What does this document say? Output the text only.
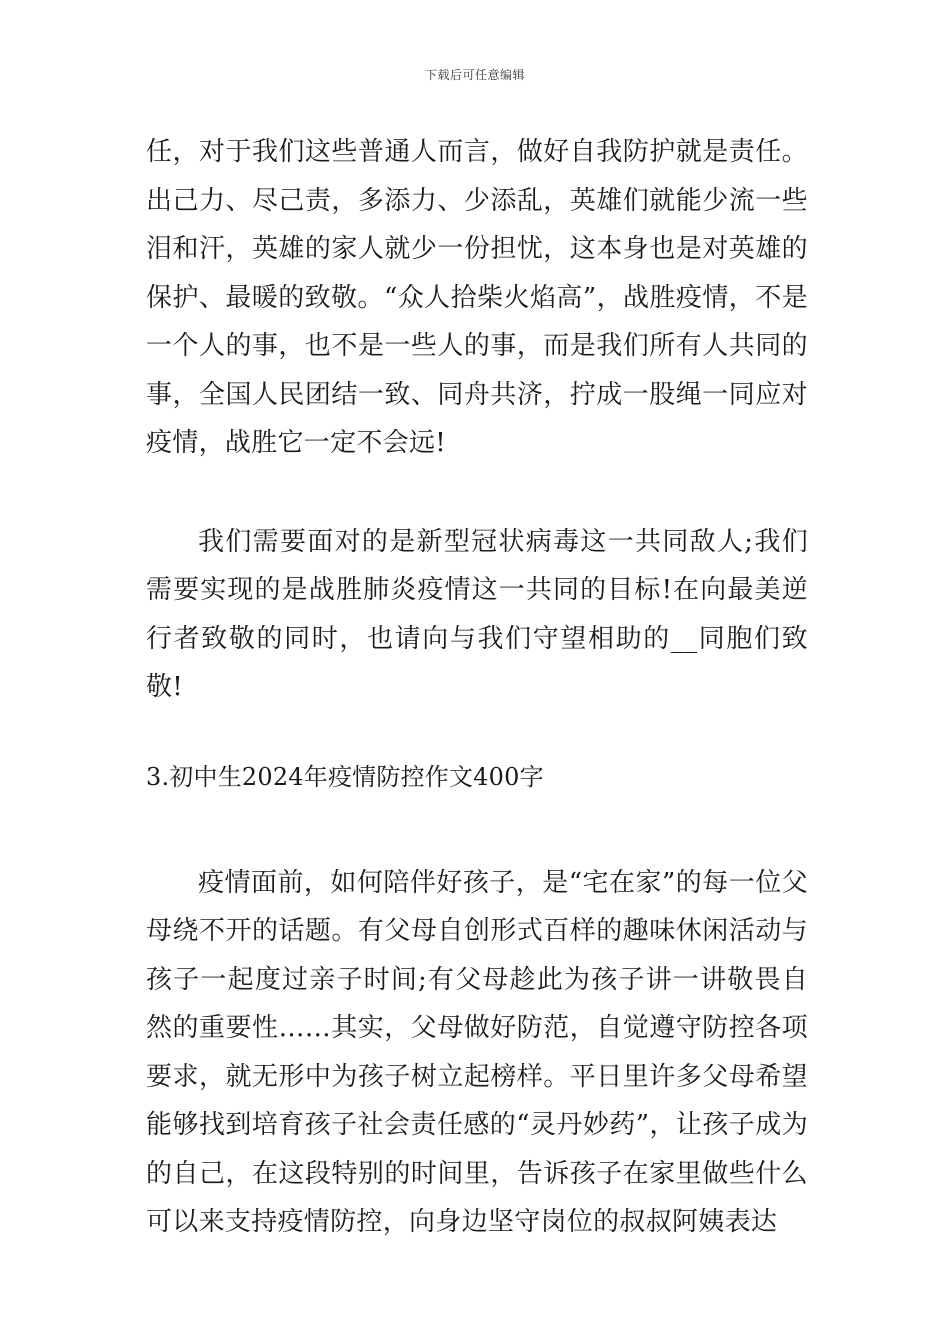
下载后可任意编辑

任，对于我们这些普通人而言，做好自我防护就是责任。出己力、尽己责，多添力、少添乱，英雄们就能少流一些泪和汗，英雄的家人就少一份担忧，这本身也是对英雄的保护、最暖的致敬。“众人拾柴火焰高”，战胜疫情，不是一个人的事，也不是一些人的事，而是我们所有人共同的事，全国人民团结一致、同舟共济，拧成一股绳一同应对疫情，战胜它一定不会远!

我们需要面对的是新型冠状病毒这一共同敌人;我们需要实现的是战胜肺炎疫情这一共同的目标!在向最美逆行者致敬的同时，也请向与我们守望相助的__同胞们致敬!

3.初中生2024年疫情防控作文400字

疫情面前，如何陪伴好孩子，是“宅在家”的每一位父母绕不开的话题。有父母自创形式百样的趣味休闲活动与孩子一起度过亲子时间;有父母趁此为孩子讲一讲敬畏自然的重要性……其实，父母做好防范，自觉遵守防控各项要求，就无形中为孩子树立起榜样。平日里许多父母希望能够找到培育孩子社会责任感的“灵丹妙药”，让孩子成为的自己，在这段特别的时间里，告诉孩子在家里做些什么可以来支持疫情防控，向身边坚守岗位的叔叔阿姨表达
